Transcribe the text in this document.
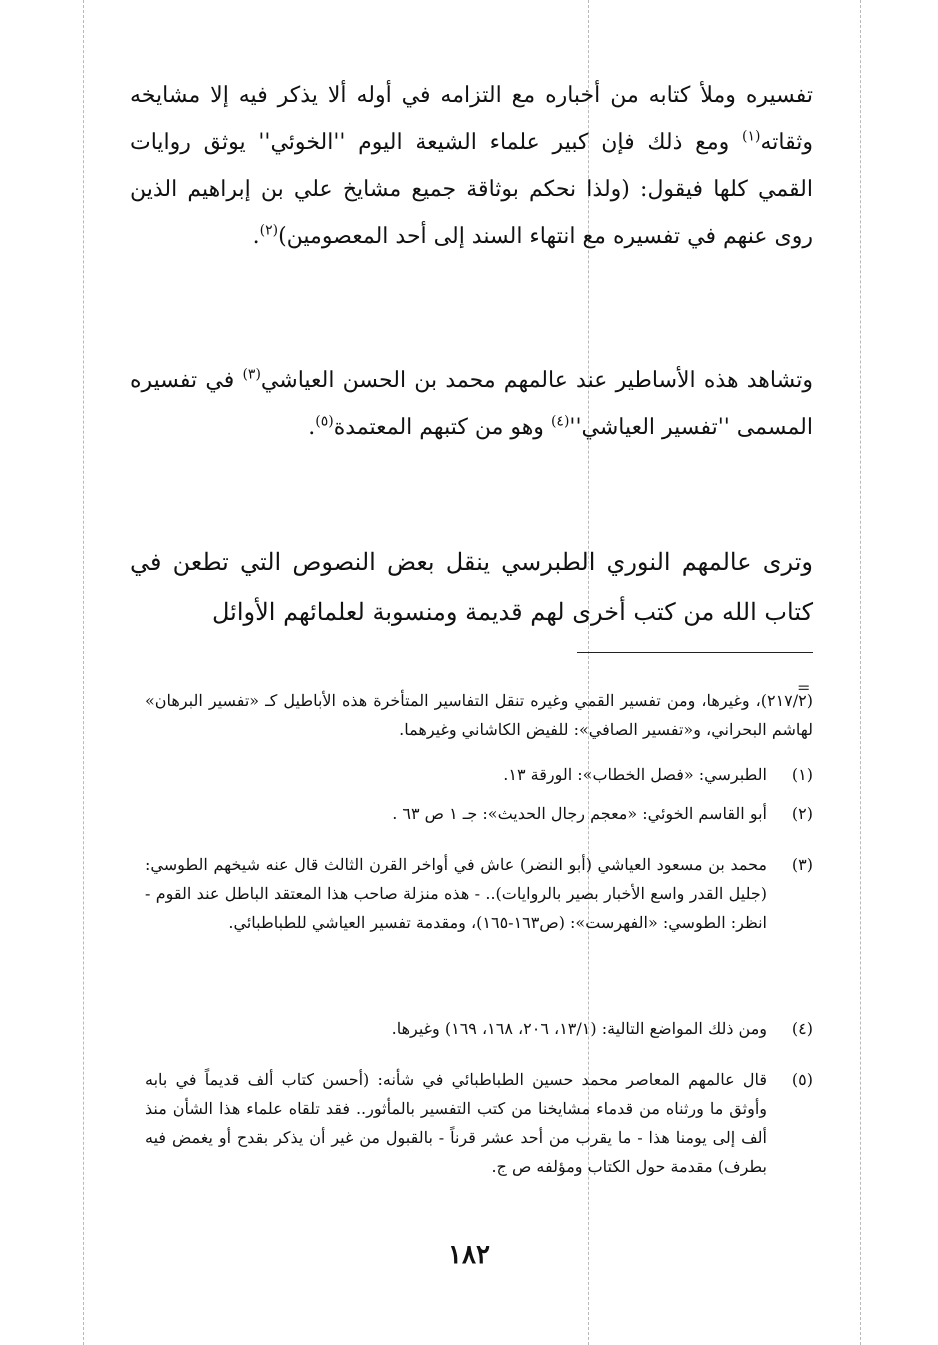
تفسيره وملأ كتابه من أخباره مع التزامه في أوله ألا يذكر فيه إلا مشايخه وثقاته$^{(١)}$ ومع ذلك فإن كبير علماء الشيعة اليوم ''الخوئي'' يوثق روايات القمي كلها فيقول: (ولذا نحكم بوثاقة جميع مشايخ علي بن إبراهيم الذين روى عنهم في تفسيره مع انتهاء السند إلى أحد المعصومين)$^{(٢)}$.
وتشاهد هذه الأساطير عند عالمهم محمد بن الحسن العياشي$^{(٣)}$ في تفسيره المسمى ''تفسير $العياشي''^{(٤)}$ وهو من كتبهم المعتمدة$^{(٥)}$.
وترى عالمهم النوري الطبرسي ينقل بعض النصوص التي تطعن في كتاب الله من كتب أخرى لهم قديمة ومنسوبة لعلمائهم الأوائل
=
(٢١٧/٢)، وغيرها، ومن تفسير القمي وغيره تنقل التفاسير المتأخرة هذه الأباطيل كـ «تفسير البرهان» لهاشم البحراني، و«تفسير الصافي»: للفيض الكاشاني وغيرهما.
(١)
الطبرسي: «فصل الخطاب»: الورقة ١٣.
(٢)
أبو القاسم الخوئي: «معجم رجال الحديث»: جـ ١ ص ٦٣ .
(٣)
محمد بن مسعود العياشي (أبو النضر) عاش في أواخر القرن الثالث قال عنه شيخهم الطوسي: (جليل القدر واسع الأخبار بصير بالروايات).. - هذه منزلة صاحب هذا المعتقد الباطل عند القوم - انظر: الطوسي: «الفهرست»: (ص١٦٣-١٦٥)، ومقدمة تفسير العياشي للطباطبائي.
(٤)
ومن ذلك المواضع التالية: (١٣/١، ٢٠٦، ١٦٨، ١٦٩) وغيرها.
(٥)
قال عالمهم المعاصر محمد حسين الطباطبائي في شأنه: (أحسن كتاب ألف قديماً في بابه وأوثق ما ورثناه من قدماء مشايخنا من كتب التفسير بالمأثور.. فقد تلقاه علماء هذا الشأن منذ ألف إلى يومنا هذا - ما يقرب من أحد عشر قرناً - بالقبول من غير أن يذكر بقدح أو يغمض فيه بطرف) مقدمة حول الكتاب ومؤلفه ص ج.
١٨٢
